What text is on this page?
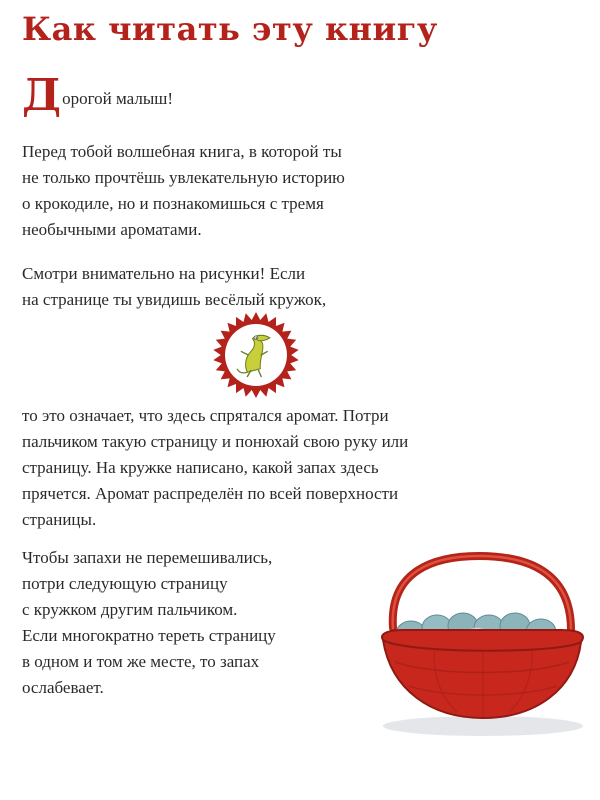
Как читать эту книгу

Дорогой малыш!

Перед тобой волшебная книга, в которой ты
не только прочтёшь увлекательную историю
о крокодиле, но и познакомишься с тремя
необычными ароматами.

Смотри внимательно на рисунки! Если
на странице ты увидишь весёлый кружок,

то это означает, что здесь спрятался аромат. Потри
пальчиком такую страницу и понюхай свою руку или
страницу. На кружке написано, какой запах здесь
прячется. Аромат распределён по всей поверхности
страницы.

Чтобы запахи не перемешивались,
потри следующую страницу
с кружком другим пальчиком.
Если многократно тереть страницу
в одном и том же месте, то запах
ослабевает.
